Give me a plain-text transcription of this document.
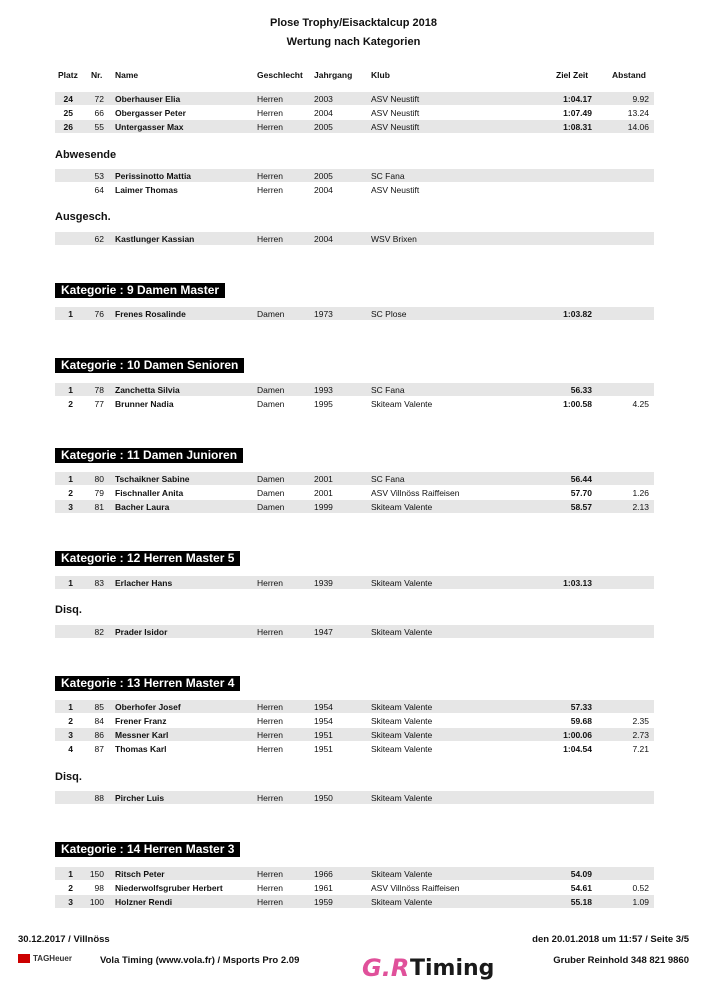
Plose Trophy/Eisacktalcup 2018
Wertung nach Kategorien
Platz Nr. Name	Geschlecht Jahrgang Klub	Ziel Zeit	Abstand
24	72 Oberhauser Elia	Herren	2003	ASV Neustift	1:04.17	9.92
25	66 Obergasser Peter	Herren	2004	ASV Neustift	1:07.49	13.24
26	55 Untergasser Max	Herren	2005	ASV Neustift	1:08.31	14.06
53 Perissinotto Mattia	Herren	2005	SC Fana
64 Laimer Thomas	Herren	2004	ASV Neustift
62 Kastlunger Kassian	Herren	2004	WSV Brixen
1	76 Frenes Rosalinde	Damen	1973	SC Plose	1:03.82
1	78 Zanchetta Silvia	Damen	1993	SC Fana	56.33
2	77 Brunner Nadia	Damen	1995	Skiteam Valente	1:00.58	4.25
1	80 Tschaikner Sabine	Damen	2001	SC Fana	56.44
2	79 Fischnaller Anita	Damen	2001	ASV Villnöss Raiffeisen	57.70	1.26
3	81 Bacher Laura	Damen	1999	Skiteam Valente	58.57	2.13
1	83 Erlacher Hans	Herren	1939	Skiteam Valente	1:03.13
82 Prader Isidor	Herren	1947	Skiteam Valente
1	85 Oberhofer Josef	Herren	1954	Skiteam Valente	57.33
2	84 Frener Franz	Herren	1954	Skiteam Valente	59.68	2.35
3	86 Messner Karl	Herren	1951	Skiteam Valente	1:00.06	2.73
4	87 Thomas Karl	Herren	1951	Skiteam Valente	1:04.54	7.21
88 Pircher Luis	Herren	1950	Skiteam Valente
1	150 Ritsch Peter	Herren	1966	Skiteam Valente	54.09
2	98 Niederwolfsgruber Herbert	Herren	1961	ASV Villnöss Raiffeisen	54.61	0.52
3	100 Holzner Rendi	Herren	1959	Skiteam Valente	55.18	1.09
Abwesende
Ausgesch.
Kategorie : 9 Damen Master
Kategorie : 10 Damen Senioren
Kategorie : 11 Damen Junioren
Kategorie : 12 Herren Master 5
Disq.
Kategorie : 13 Herren Master 4
Disq.
Kategorie : 14 Herren Master 3
30.12.2017 / Villnöss	den 20.01.2018 um 11:57 / Seite 3/5
TAGHeuer	Vola Timing (www.vola.fr) / Msports Pro 2.09	G.R Timing	Gruber Reinhold 348 821 9860
